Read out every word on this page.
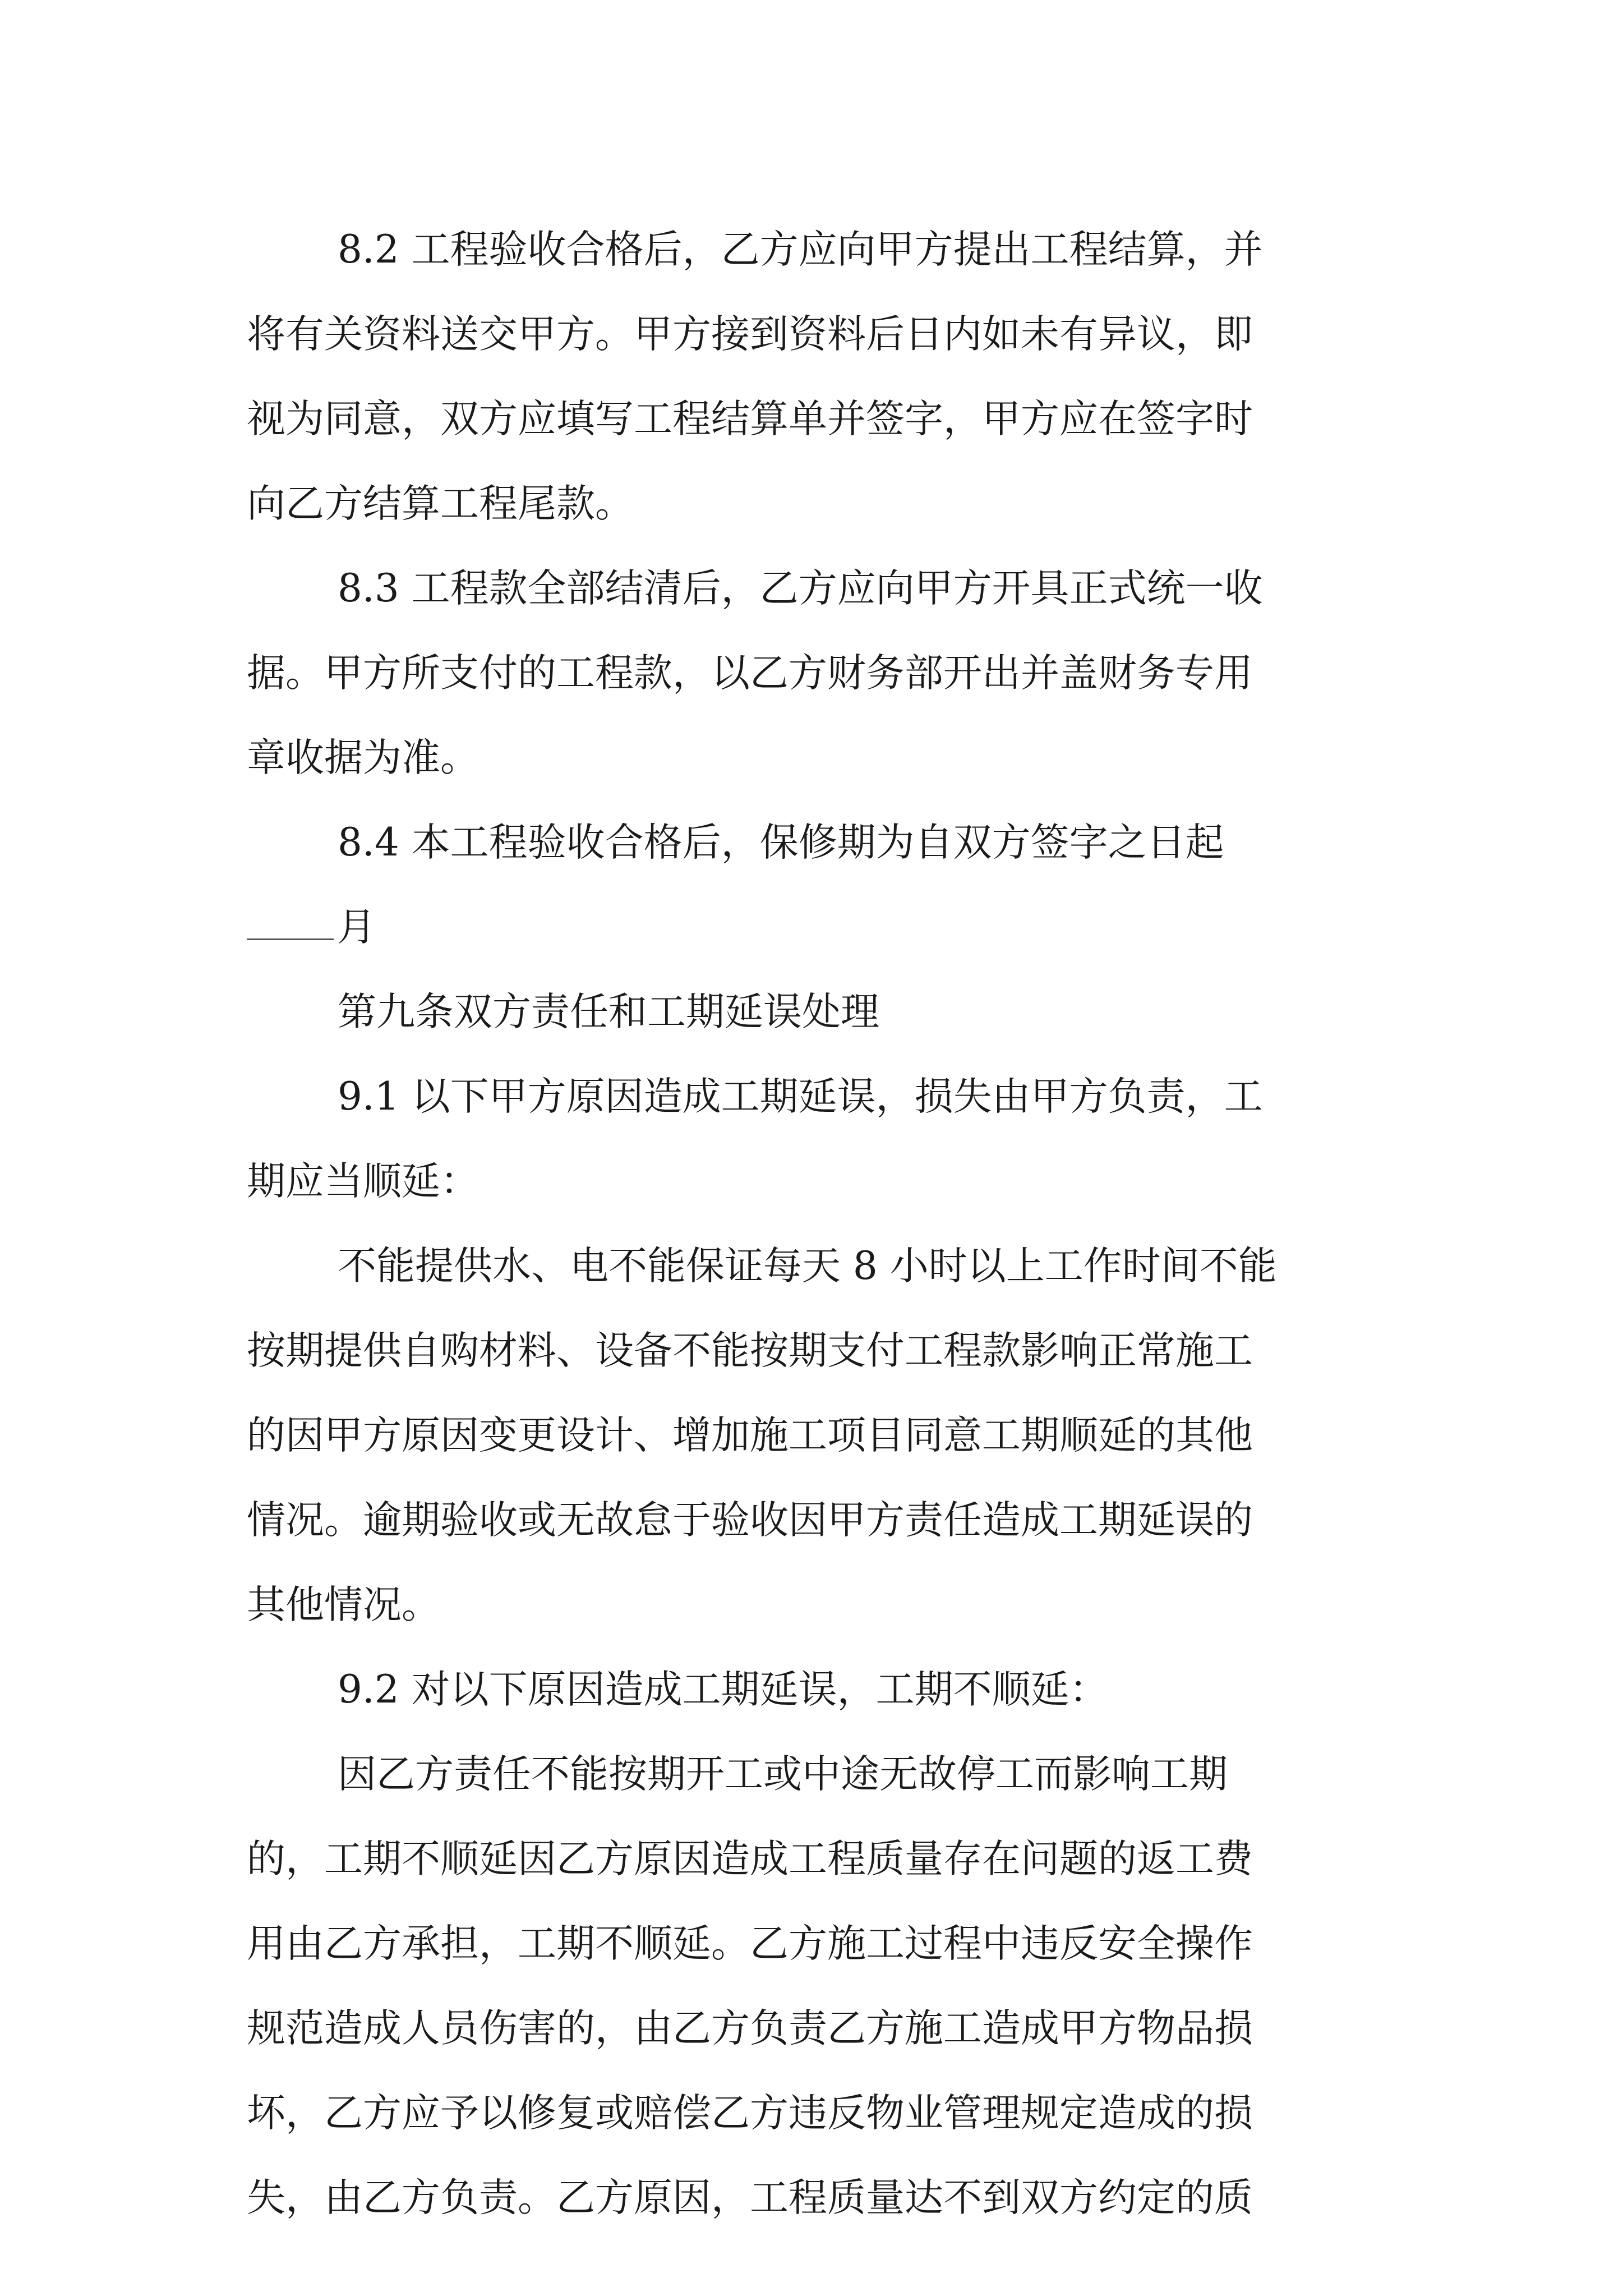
8.2 工程验收合格后，乙方应向甲方提出工程结算，并
将有关资料送交甲方。甲方接到资料后日内如未有异议，即
视为同意，双方应填写工程结算单并签字，甲方应在签字时
向乙方结算工程尾款。
8.3 工程款全部结清后，乙方应向甲方开具正式统一收
据。甲方所支付的工程款，以乙方财务部开出并盖财务专用
章收据为准。
8.4 本工程验收合格后，保修期为自双方签字之日起
月
第九条双方责任和工期延误处理
9.1 以下甲方原因造成工期延误，损失由甲方负责，工
期应当顺延：
不能提供水、电不能保证每天 8 小时以上工作时间不能
按期提供自购材料、设备不能按期支付工程款影响正常施工
的因甲方原因变更设计、增加施工项目同意工期顺延的其他
情况。逾期验收或无故怠于验收因甲方责任造成工期延误的
其他情况。
9.2 对以下原因造成工期延误，工期不顺延：
因乙方责任不能按期开工或中途无故停工而影响工期
的，工期不顺延因乙方原因造成工程质量存在问题的返工费
用由乙方承担，工期不顺延。乙方施工过程中违反安全操作
规范造成人员伤害的，由乙方负责乙方施工造成甲方物品损
坏，乙方应予以修复或赔偿乙方违反物业管理规定造成的损
失，由乙方负责。乙方原因，工程质量达不到双方约定的质
